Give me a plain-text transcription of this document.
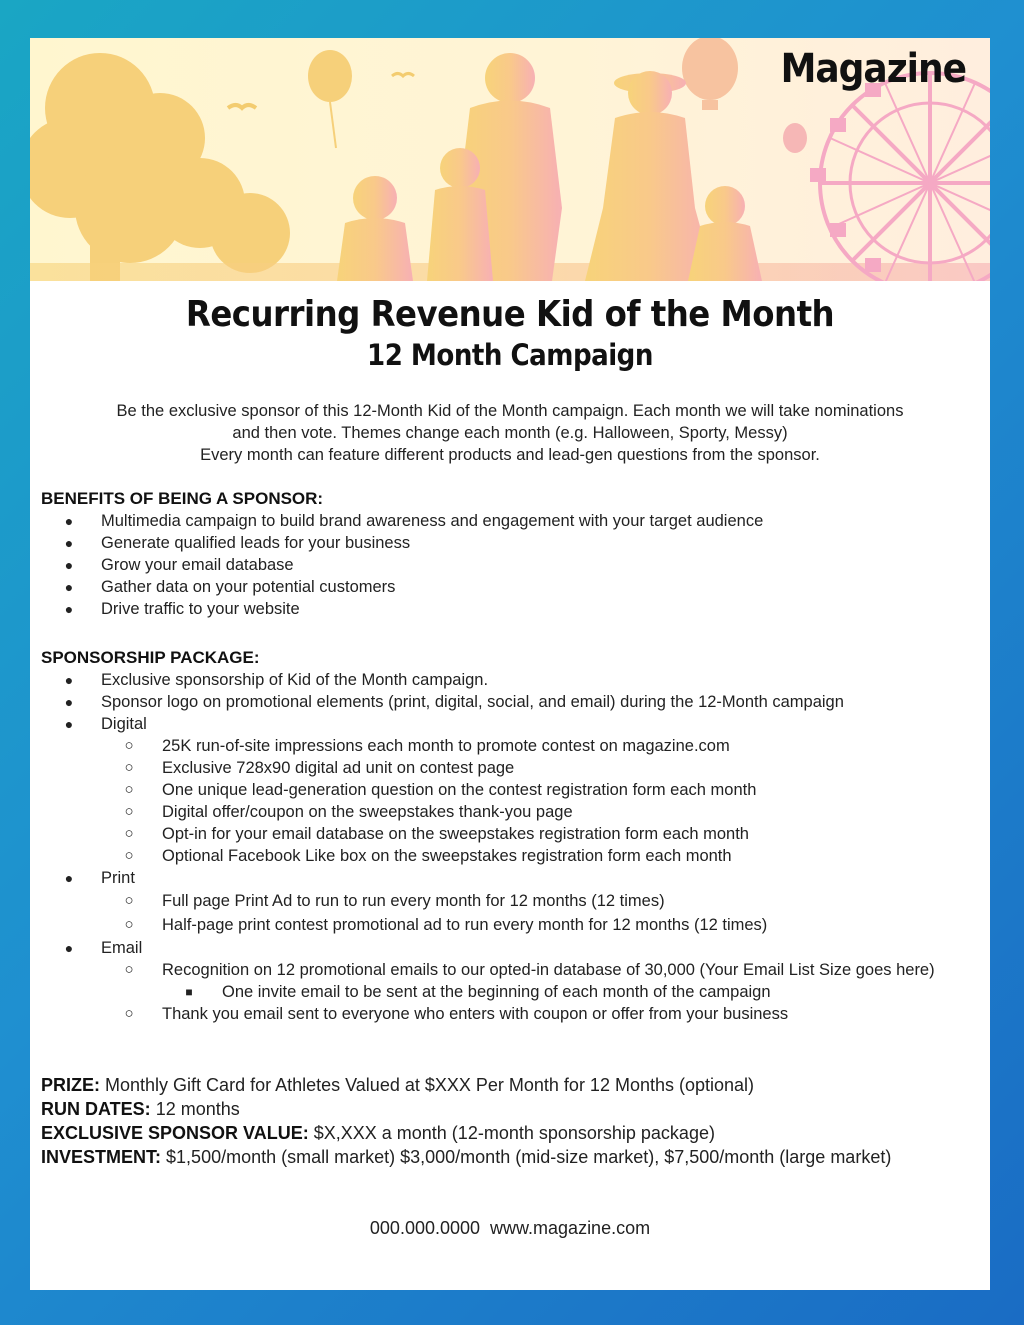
Magazine
Recurring Revenue Kid of the Month
12 Month Campaign
Be the exclusive sponsor of this 12-Month Kid of the Month campaign. Each month we will take nominations
and then vote. Themes change each month (e.g. Halloween, Sporty, Messy)
Every month can feature different products and lead-gen questions from the sponsor.
BENEFITS OF BEING A SPONSOR:
●	Multimedia campaign to build brand awareness and engagement with your target audience
●	Generate qualified leads for your business
●	Grow your email database
●	Gather data on your potential customers
●	Drive traffic to your website
SPONSORSHIP PACKAGE:
●	Exclusive sponsorship of Kid of the Month campaign.
●	Sponsor logo on promotional elements (print, digital, social, and email) during the 12-Month campaign
●	Digital
○	25K run-of-site impressions each month to promote contest on magazine.com
○	Exclusive 728x90 digital ad unit on contest page
○	One unique lead-generation question on the contest registration form each month
○	Digital offer/coupon on the sweepstakes thank-you page
○	Opt-in for your email database on the sweepstakes registration form each month
○	Optional Facebook Like box on the sweepstakes registration form each month
●	Print
○	Full page Print Ad to run to run every month for 12 months (12 times)
○	Half-page print contest promotional ad to run every month for 12 months (12 times)
●	Email
○	Recognition on 12 promotional emails to our opted-in database of 30,000 (Your Email List Size goes here)
■	One invite email to be sent at the beginning of each month of the campaign
○	Thank you email sent to everyone who enters with coupon or offer from your business
PRIZE: Monthly Gift Card for Athletes Valued at $XXX Per Month for 12 Months (optional)
RUN DATES: 12 months
EXCLUSIVE SPONSOR VALUE: $X,XXX a month (12-month sponsorship package)
INVESTMENT: $1,500/month (small market) $3,000/month (mid-size market), $7,500/month (large market)
000.000.0000 www.magazine.com
